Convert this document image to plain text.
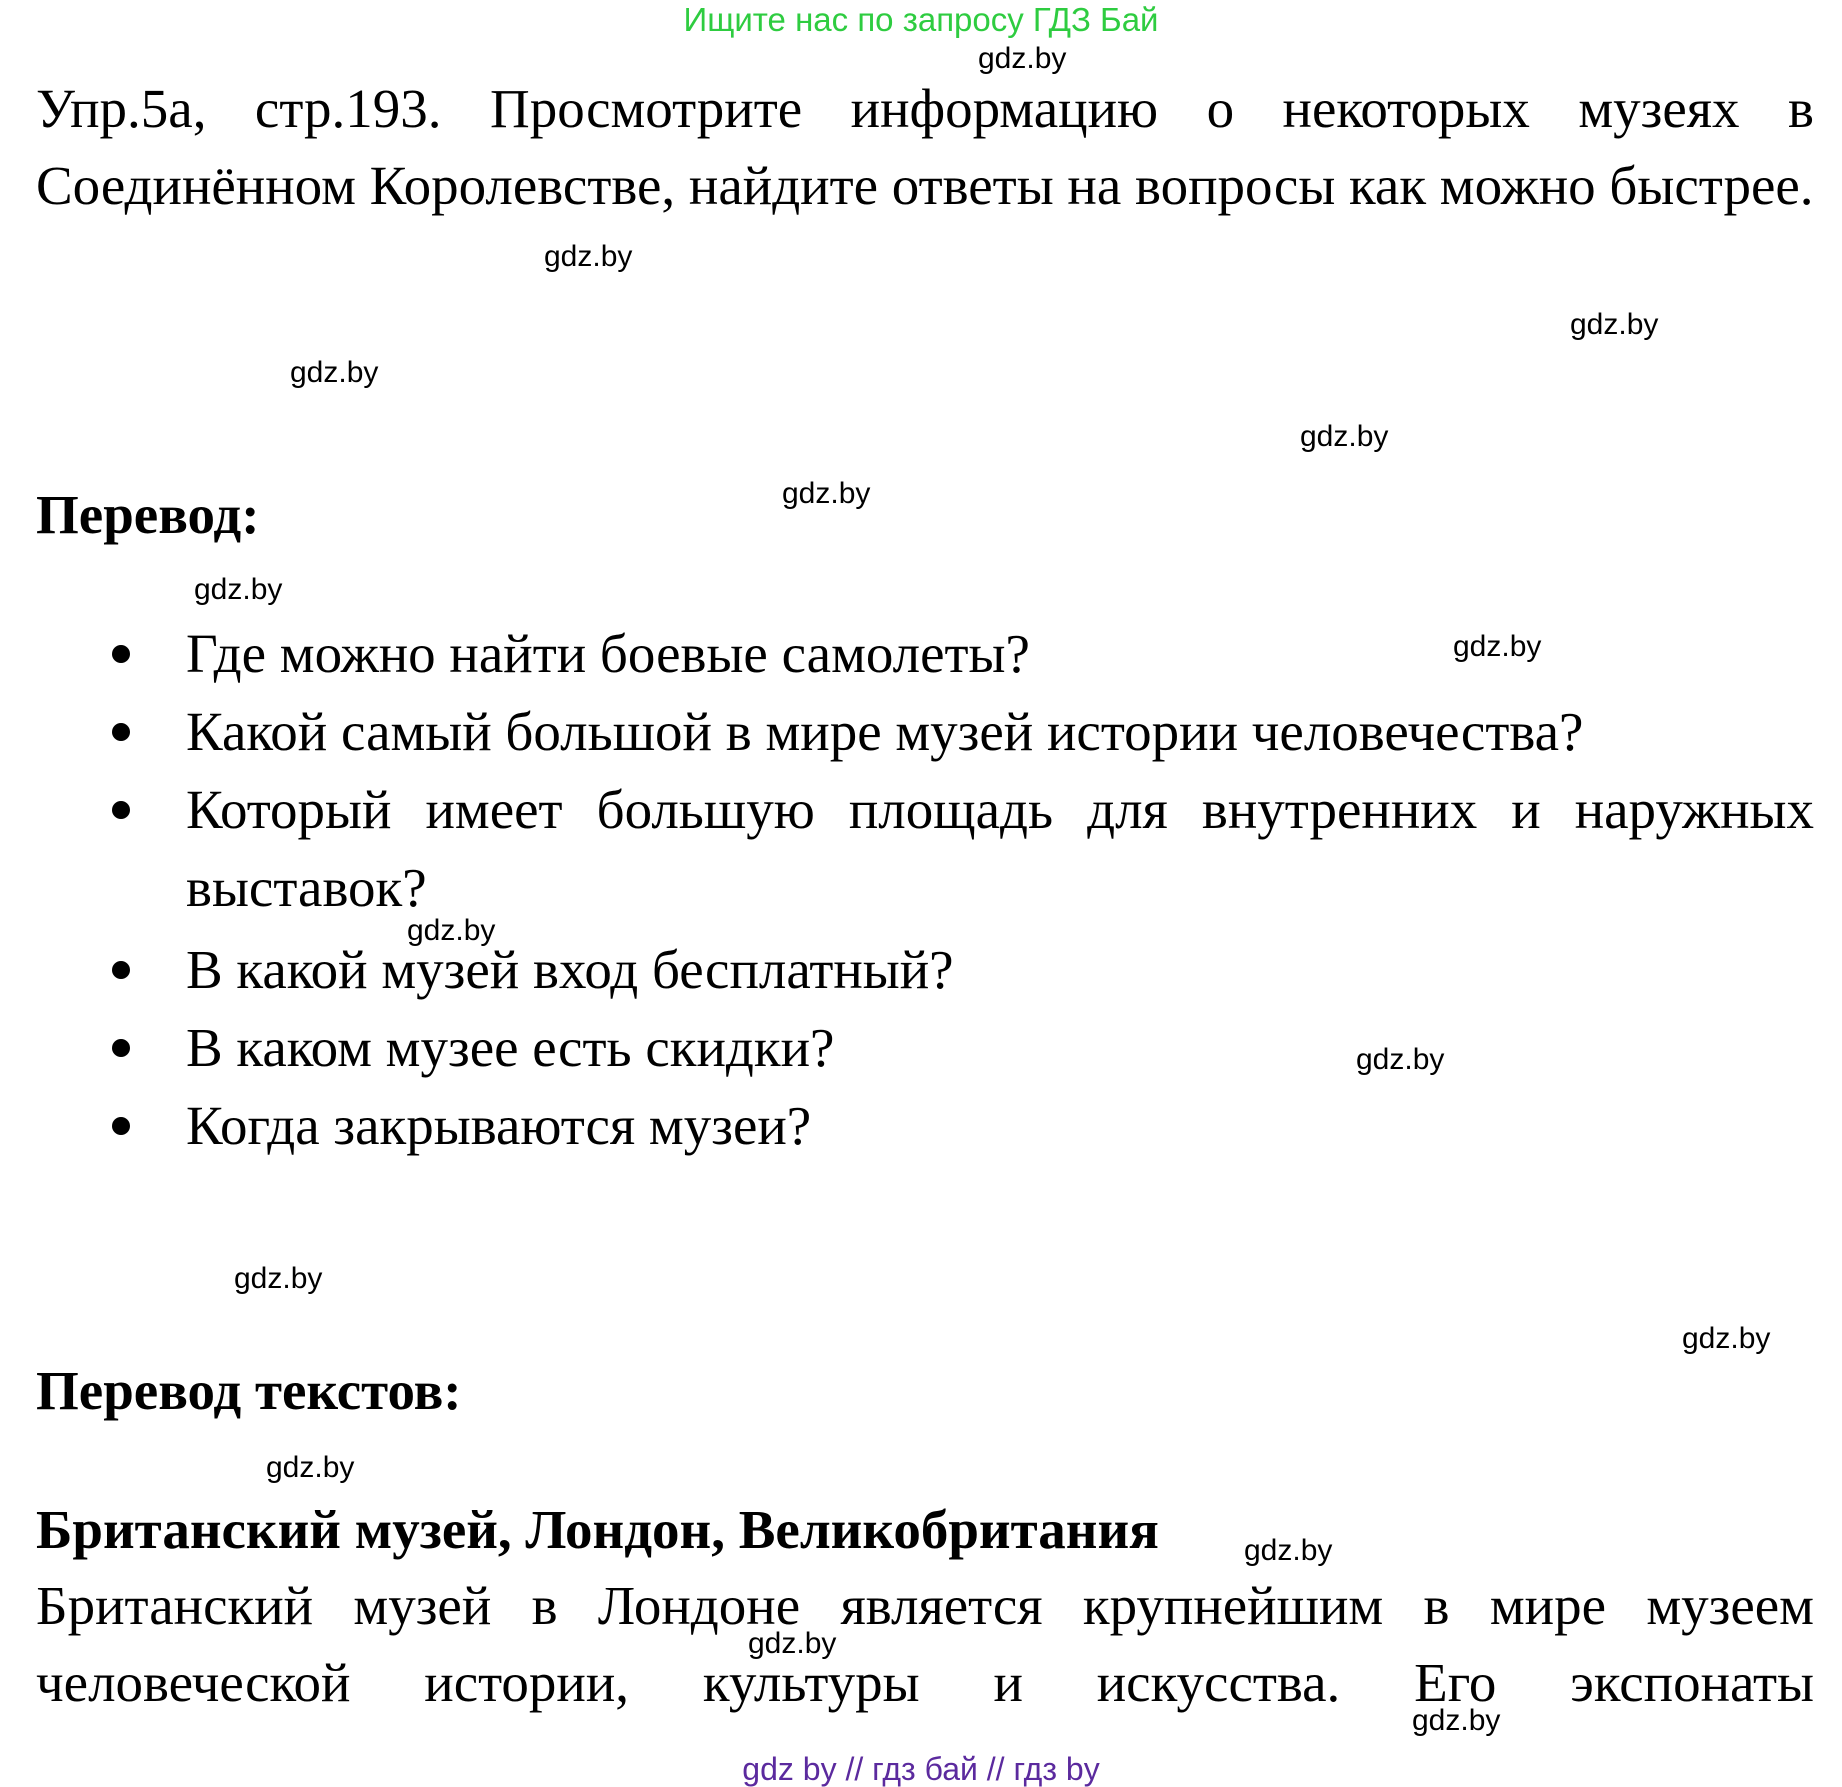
Ищите нас по запросу ГДЗ Бай

Упр.5а, стр.193. Просмотрите информацию о некоторых музеях в Соединённом Королевстве, найдите ответы на вопросы как можно быстрее.

Перевод:
Где можно найти боевые самолеты?
Какой самый большой в мире музей истории человечества?
Который имеет большую площадь для внутренних и наружных выставок?
В какой музей вход бесплатный?
В каком музее есть скидки?
Когда закрываются музеи?
Перевод текстов:
Британский музей, Лондон, Великобритания

Британский музей в Лондоне является крупнейшим в мире музеем человеческой истории, культуры и искусства. Его экспонаты

gdz.by
gdz.by
gdz.by
gdz.by
gdz.by
gdz.by
gdz.by
gdz.by
gdz.by
gdz.by
gdz.by
gdz.by
gdz.by
gdz.by
gdz.by
gdz.by
gdz by // гдз бай // гдз by
